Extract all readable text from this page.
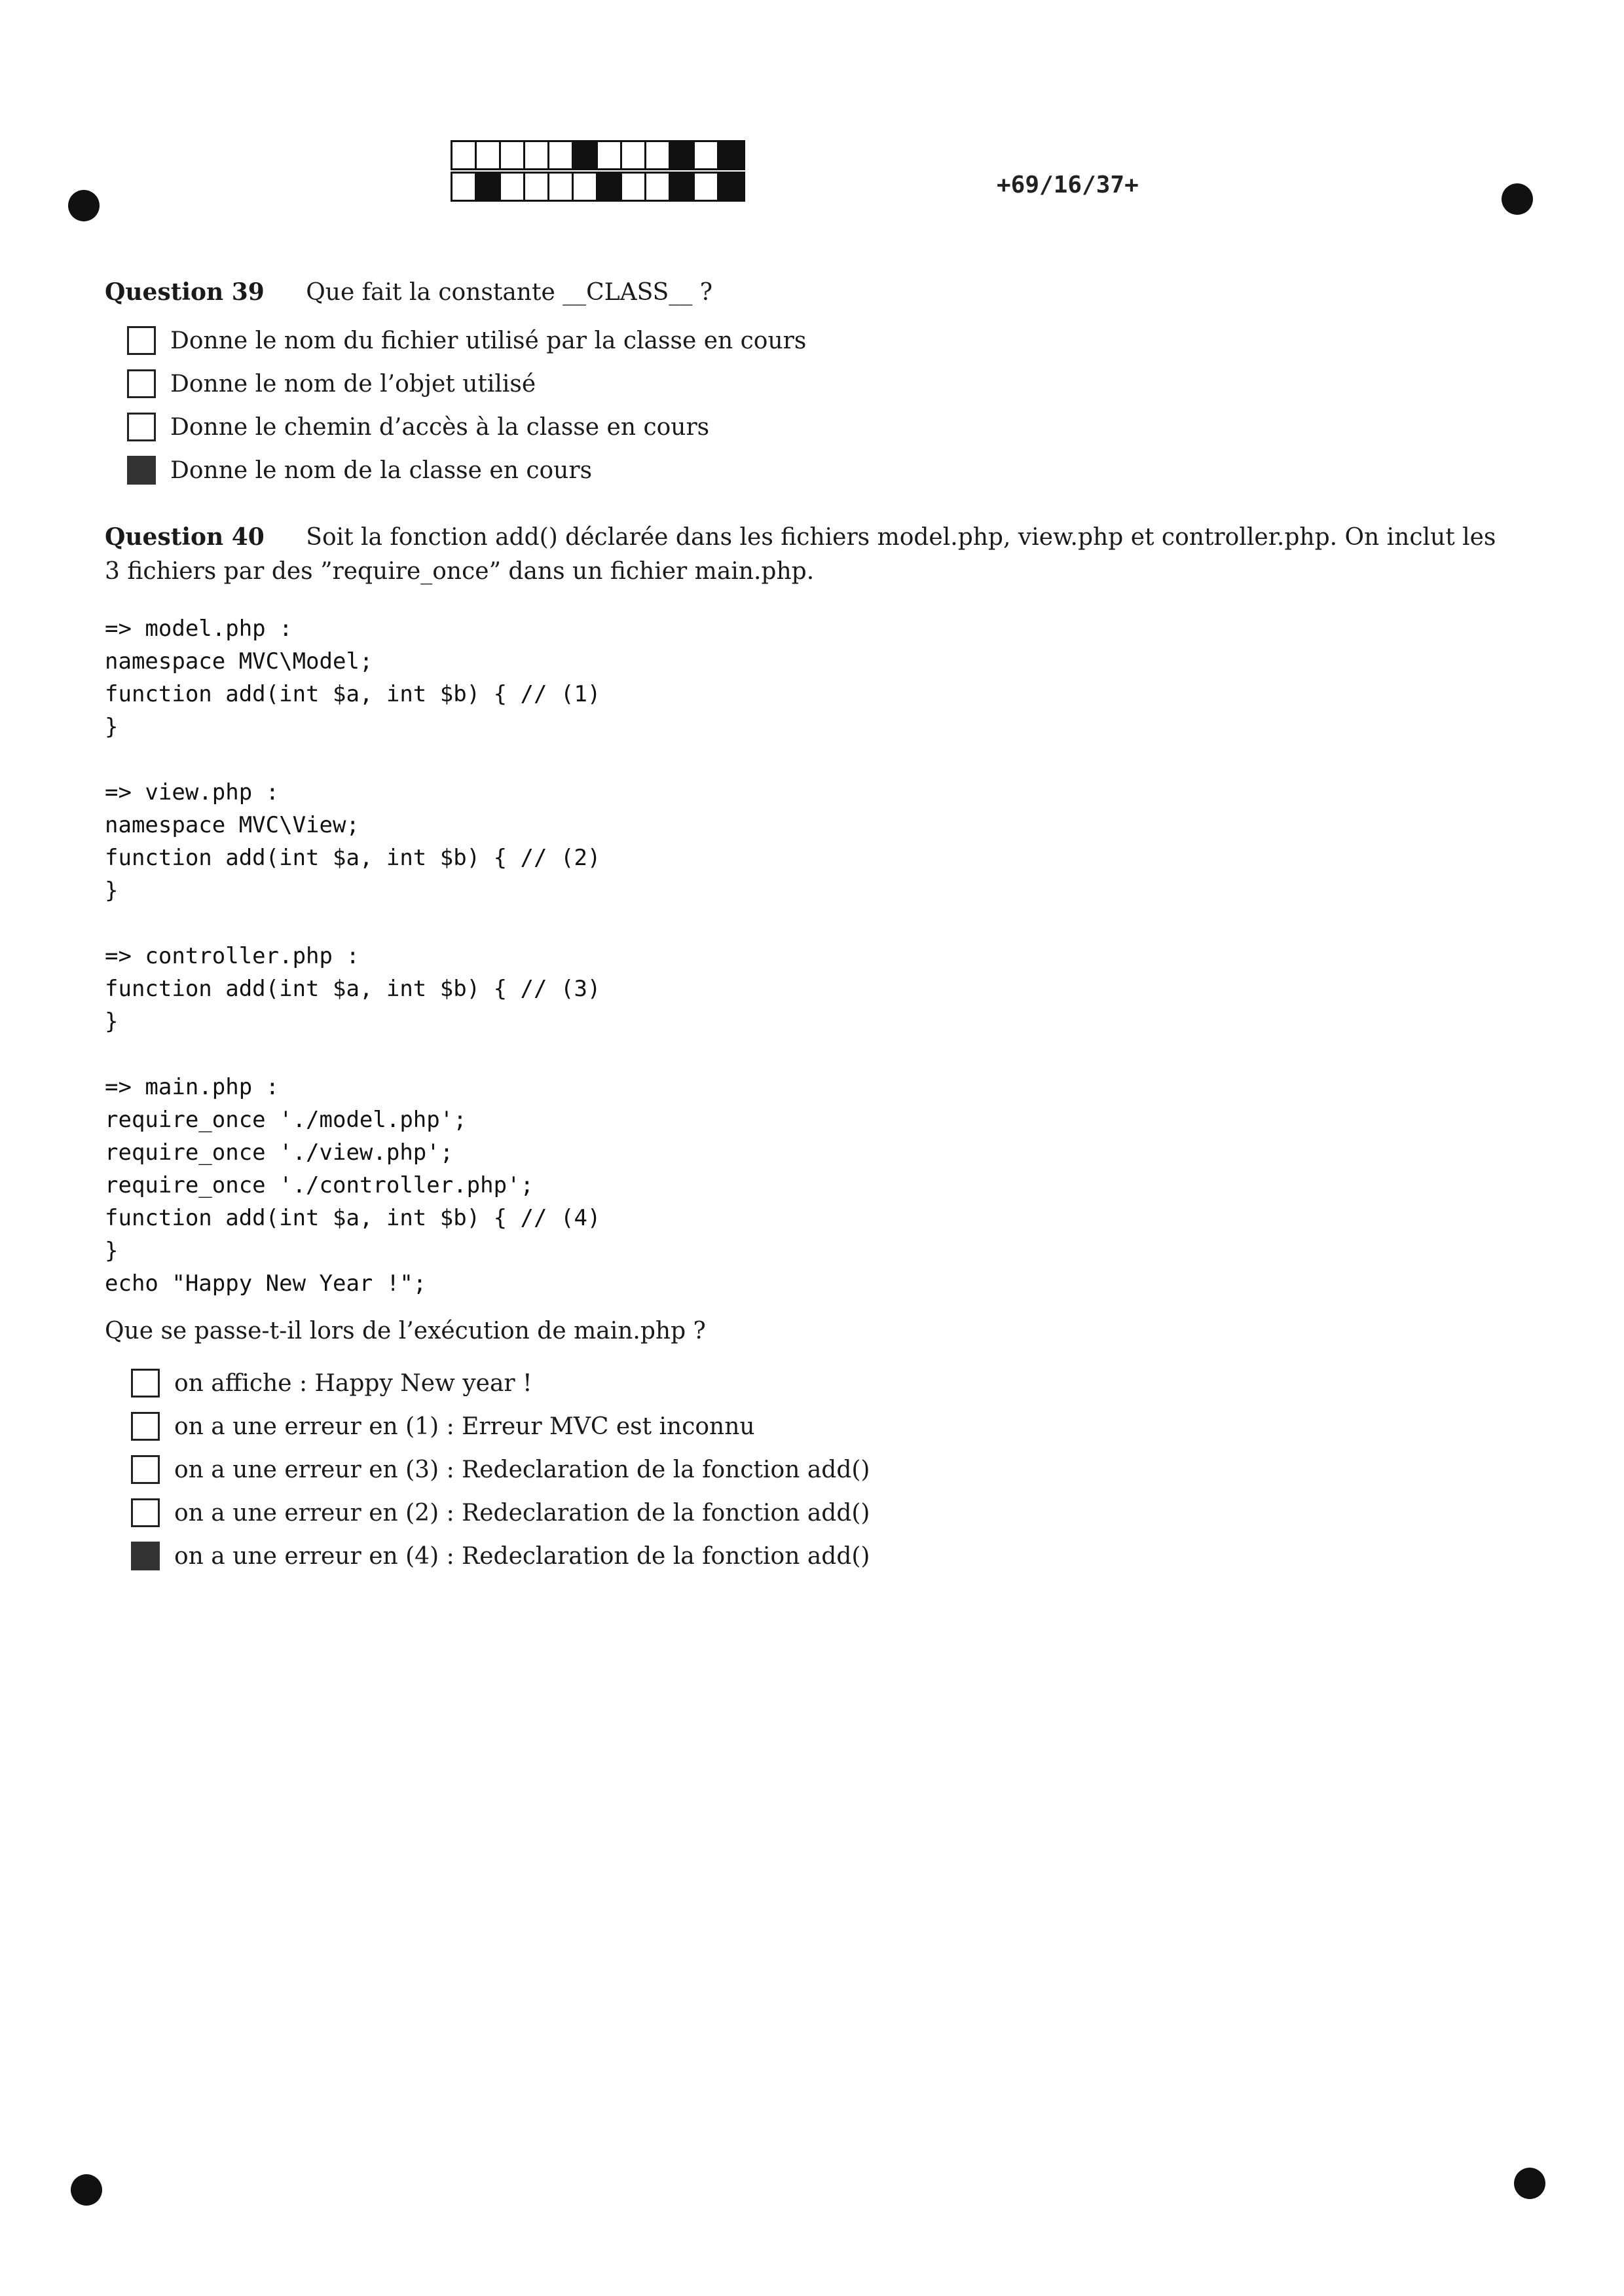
+69/16/37+
Question 39 Que fait la constante __CLASS__ ?
Donne le nom du fichier utilisé par la classe en cours
Donne le nom de l’objet utilisé
Donne le chemin d’accès à la classe en cours
Donne le nom de la classe en cours
Question 40 Soit la fonction add() déclarée dans les fichiers model.php, view.php et controller.php. On inclut les 3 fichiers par des ”require_once” dans un fichier main.php.
=> model.php :
namespace MVC\Model;
function add(int $a, int $b) { // (1)
}
=> view.php :
namespace MVC\View;
function add(int $a, int $b) { // (2)
}
=> controller.php :
function add(int $a, int $b) { // (3)
}
=> main.php :
require_once './model.php';
require_once './view.php';
require_once './controller.php';
function add(int $a, int $b) { // (4)
}
echo "Happy New Year !";
Que se passe-t-il lors de l’exécution de main.php ?
on affiche : Happy New year !
on a une erreur en (1) : Erreur MVC est inconnu
on a une erreur en (3) : Redeclaration de la fonction add()
on a une erreur en (2) : Redeclaration de la fonction add()
on a une erreur en (4) : Redeclaration de la fonction add()
